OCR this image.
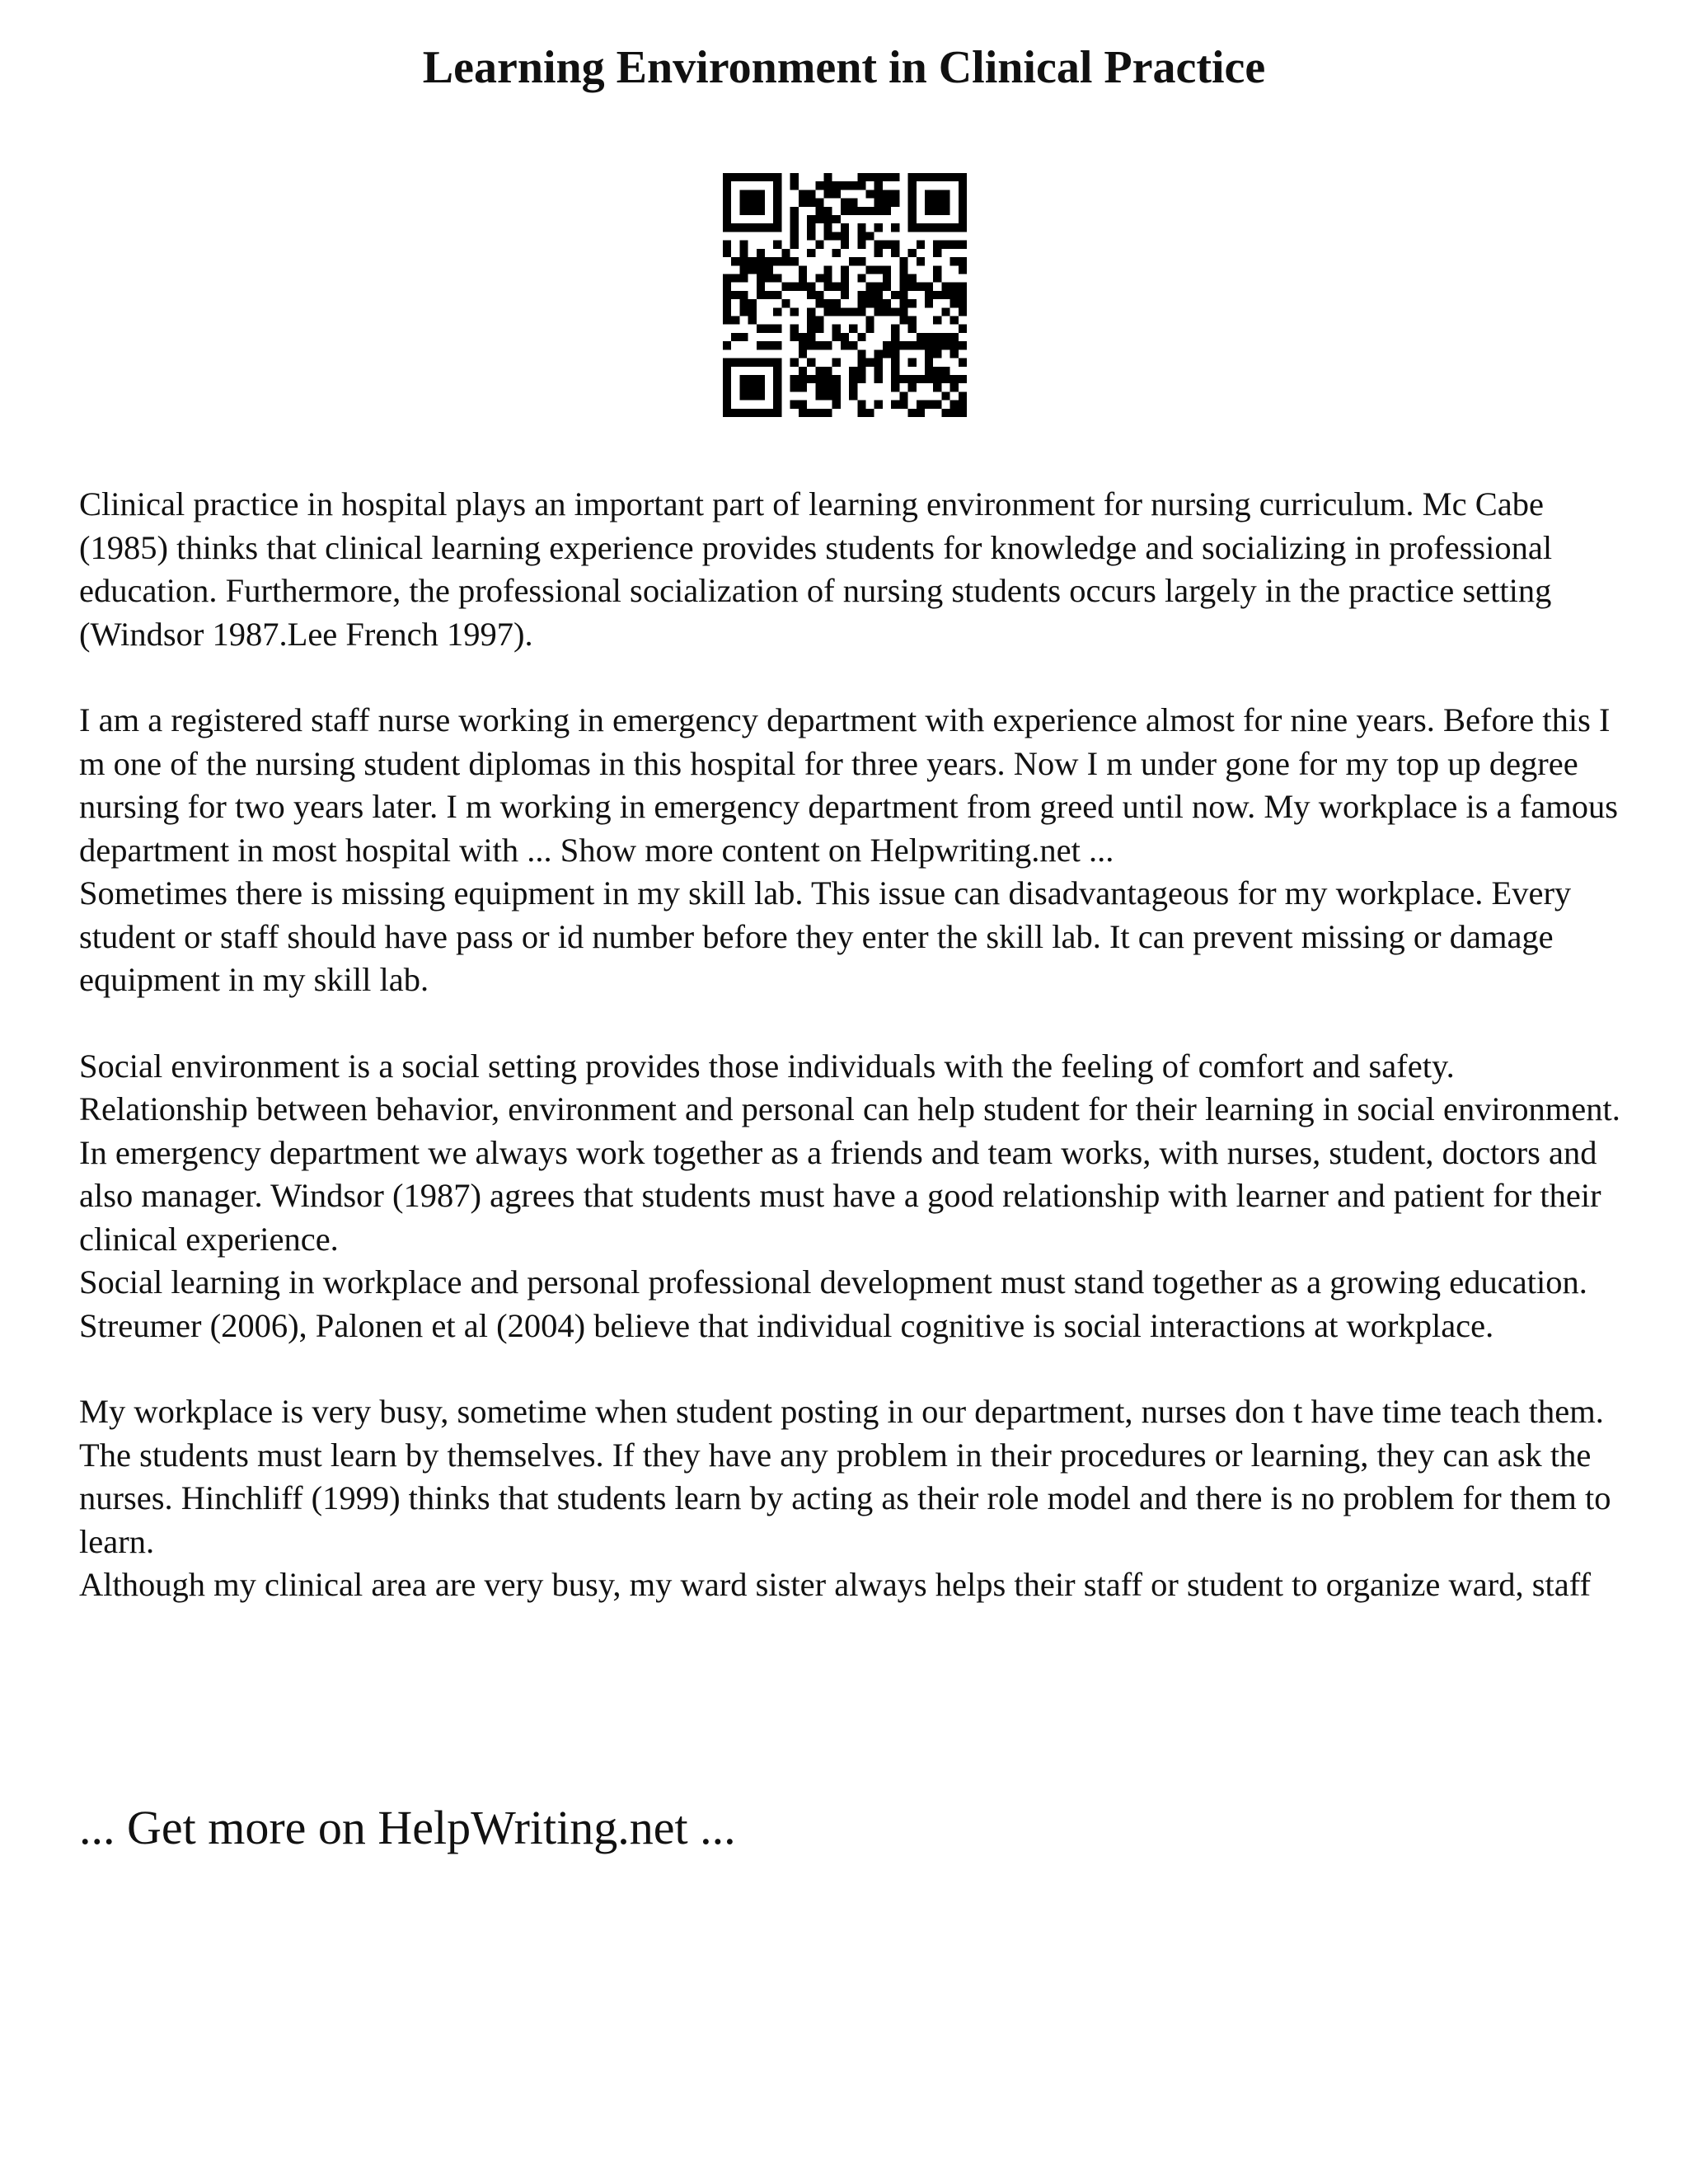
Learning Environment in Clinical Practice

Clinical practice in hospital plays an important part of learning environment for nursing curriculum. Mc Cabe (1985) thinks that clinical learning experience provides students for knowledge and socializing in professional education. Furthermore, the professional socialization of nursing students occurs largely in the practice setting (Windsor 1987.Lee French 1997).

I am a registered staff nurse working in emergency department with experience almost for nine years. Before this I m one of the nursing student diplomas in this hospital for three years. Now I m under gone for my top up degree nursing for two years later. I m working in emergency department from greed until now. My workplace is a famous department in most hospital with ... Show more content on Helpwriting.net ...

Sometimes there is missing equipment in my skill lab. This issue can disadvantageous for my workplace. Every student or staff should have pass or id number before they enter the skill lab. It can prevent missing or damage equipment in my skill lab.

Social environment is a social setting provides those individuals with the feeling of comfort and safety. Relationship between behavior, environment and personal can help student for their learning in social environment. In emergency department we always work together as a friends and team works, with nurses, student, doctors and also manager. Windsor (1987) agrees that students must have a good relationship with learner and patient for their clinical experience.

Social learning in workplace and personal professional development must stand together as a growing education. Streumer (2006), Palonen et al (2004) believe that individual cognitive is social interactions at workplace.

My workplace is very busy, sometime when student posting in our department, nurses don t have time teach them. The students must learn by themselves. If they have any problem in their procedures or learning, they can ask the nurses. Hinchliff (1999) thinks that students learn by acting as their role model and there is no problem for them to learn.

Although my clinical area are very busy, my ward sister always helps their staff or student to organize ward, staff

... Get more on HelpWriting.net ...
